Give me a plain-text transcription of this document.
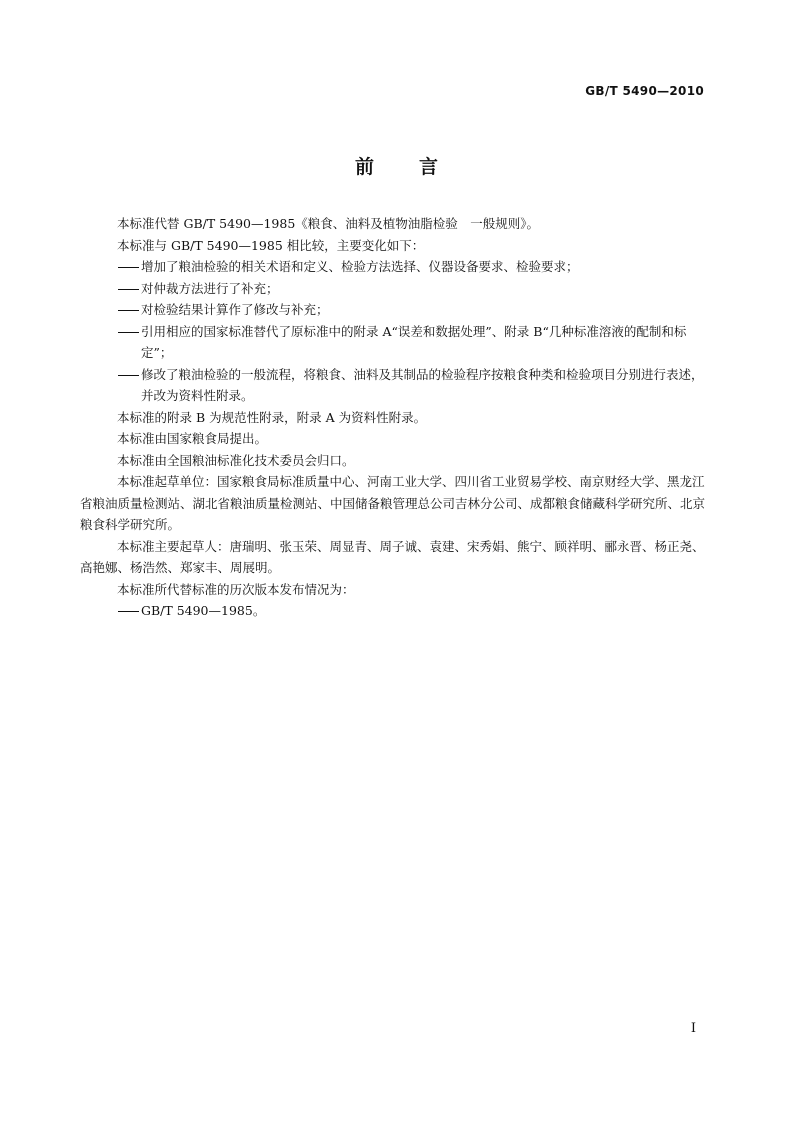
GB/T 5490—2010
前 言

本标准代替 GB/T 5490—1985《粮食、油料及植物油脂检验　一般规则》。

本标准与 GB/T 5490—1985 相比较，主要变化如下：

增加了粮油检验的相关术语和定义、检验方法选择、仪器设备要求、检验要求；
对仲裁方法进行了补充；
对检验结果计算作了修改与补充；
引用相应的国家标准替代了原标准中的附录 A“误差和数据处理”、附录 B“几种标准溶液的配制和标定”；
修改了粮油检验的一般流程，将粮食、油料及其制品的检验程序按粮食种类和检验项目分别进行表述，并改为资料性附录。

本标准的附录 B 为规范性附录，附录 A 为资料性附录。

本标准由国家粮食局提出。

本标准由全国粮油标准化技术委员会归口。

本标准起草单位：国家粮食局标准质量中心、河南工业大学、四川省工业贸易学校、南京财经大学、黑龙江省粮油质量检测站、湖北省粮油质量检测站、中国储备粮管理总公司吉林分公司、成都粮食储藏科学研究所、北京粮食科学研究所。

本标准主要起草人：唐瑞明、张玉荣、周显青、周子诚、袁建、宋秀娟、熊宁、顾祥明、郦永晋、杨正尧、高艳娜、杨浩然、郑家丰、周展明。

本标准所代替标准的历次版本发布情况为：

GB/T 5490—1985。
I
